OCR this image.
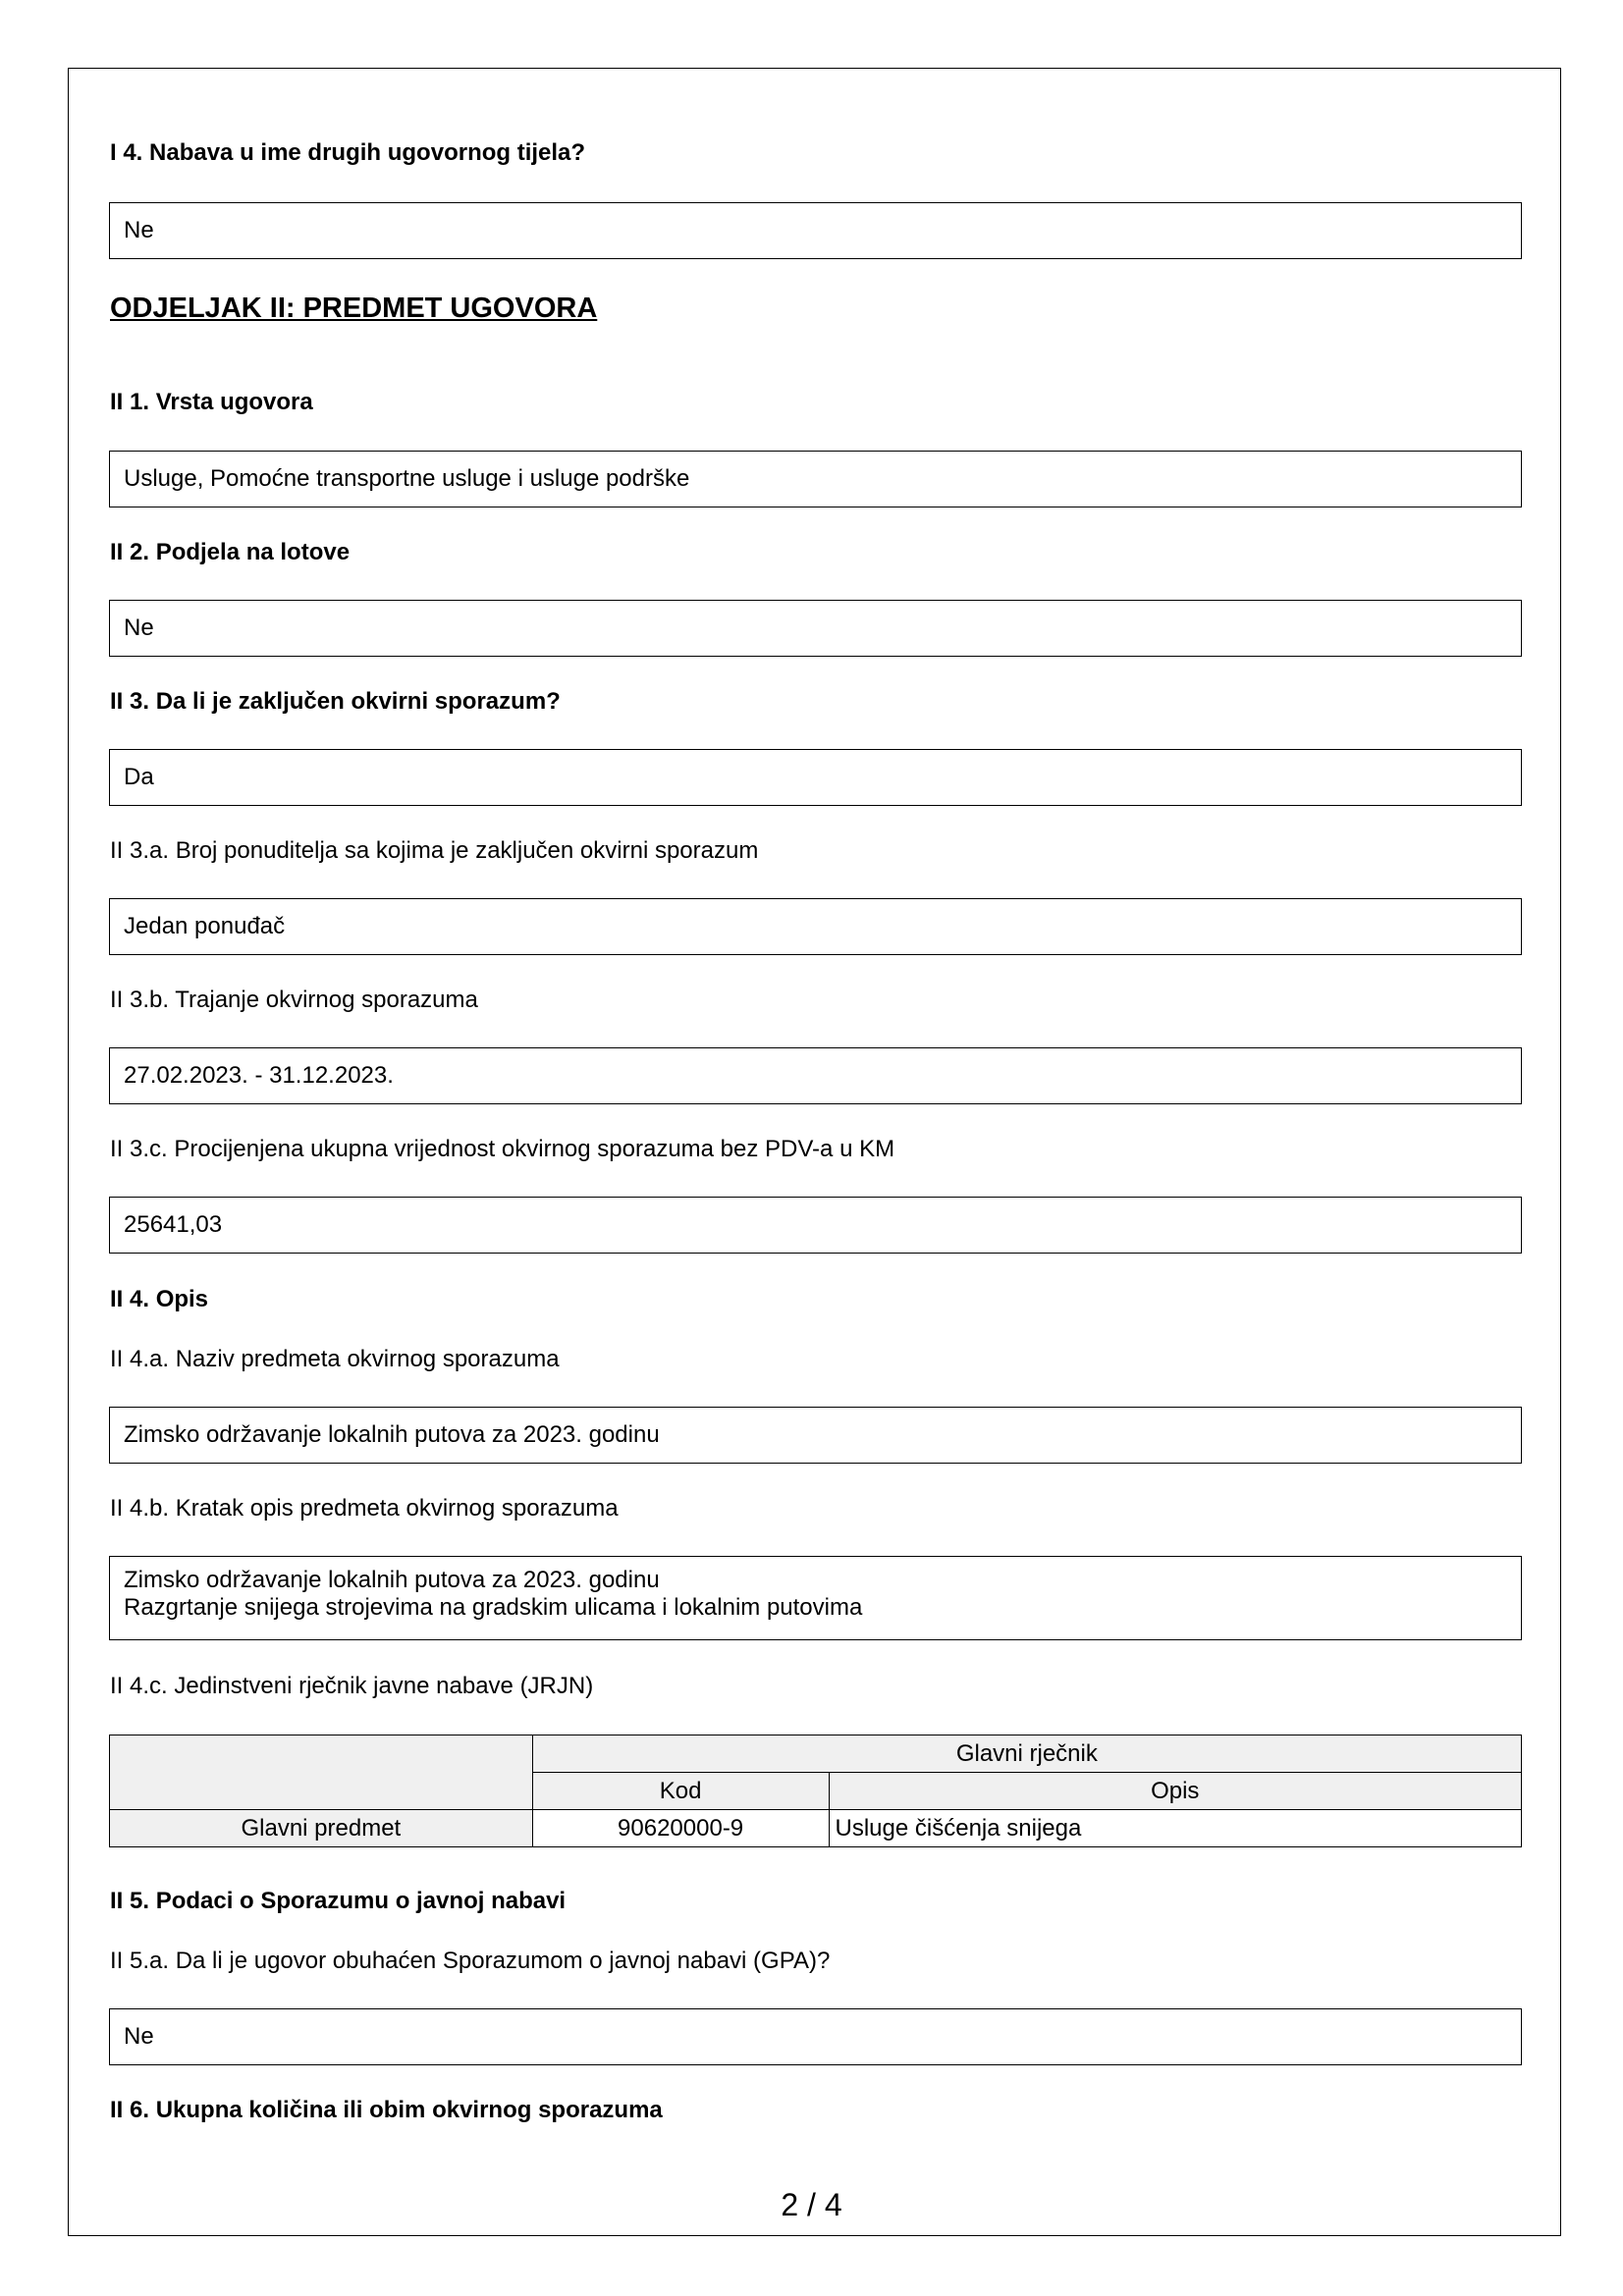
I 4. Nabava u ime drugih ugovornog tijela?
Ne
ODJELJAK II: PREDMET UGOVORA
II 1. Vrsta ugovora
Usluge, Pomoćne transportne usluge i usluge podrške
II 2. Podjela na lotove
Ne
II 3. Da li je zaključen okvirni sporazum?
Da
II 3.a. Broj ponuditelja sa kojima je zaključen okvirni sporazum
Jedan ponuđač
II 3.b. Trajanje okvirnog sporazuma
27.02.2023. - 31.12.2023.
II 3.c. Procijenjena ukupna vrijednost okvirnog sporazuma bez PDV-a u KM
25641,03
II 4. Opis
II 4.a. Naziv predmeta okvirnog sporazuma
Zimsko održavanje lokalnih putova za 2023. godinu
II 4.b. Kratak opis predmeta okvirnog sporazuma
Zimsko održavanje lokalnih putova za 2023. godinu
Razgrtanje snijega strojevima na gradskim ulicama i lokalnim putovima
II 4.c. Jedinstveni rječnik javne nabave (JRJN)
	Glavni rječnik	
	Kod	Opis
Glavni predmet	90620000-9	Usluge čišćenja snijega
II 5. Podaci o Sporazumu o javnoj nabavi
II 5.a. Da li je ugovor obuhaćen Sporazumom o javnoj nabavi (GPA)?
Ne
II 6. Ukupna količina ili obim okvirnog sporazuma
2 / 4
